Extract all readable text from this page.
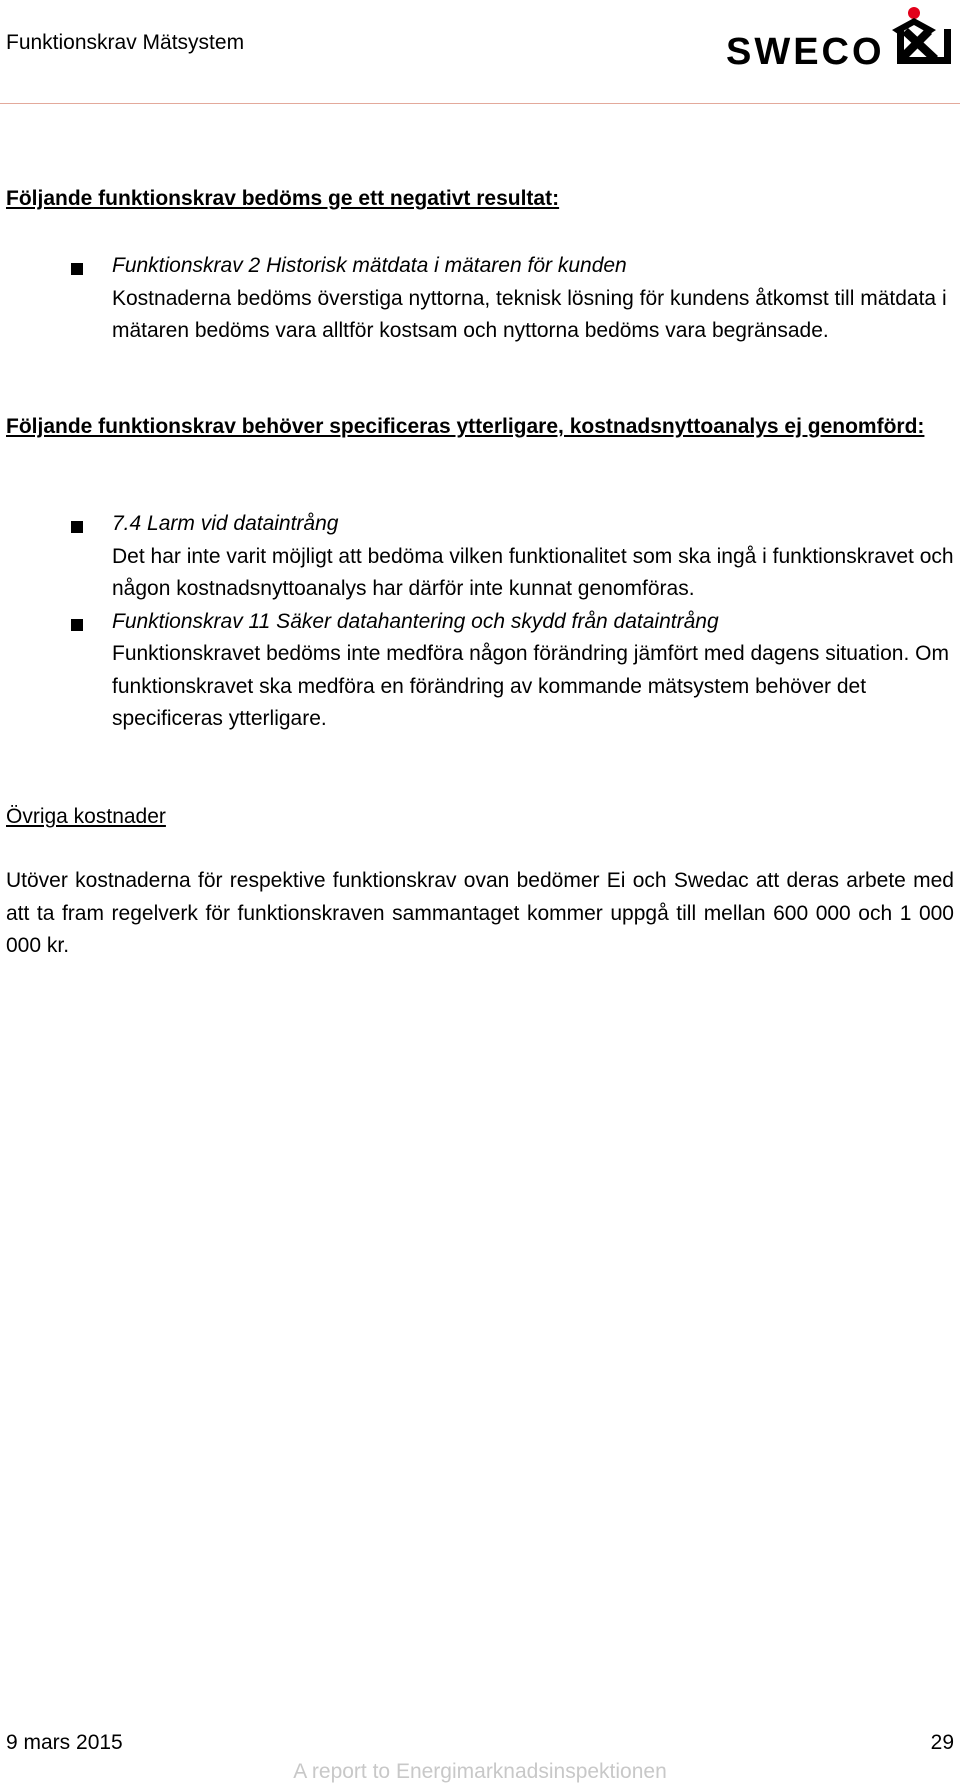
Funktionskrav Mätsystem	SWECO

Följande funktionskrav bedöms ge ett negativt resultat:

Funktionskrav 2 Historisk mätdata i mätaren för kunden
Kostnaderna bedöms överstiga nyttorna, teknisk lösning för kundens åtkomst till mätdata i mätaren bedöms vara alltför kostsam och nyttorna bedöms vara begränsade.

Följande funktionskrav behöver specificeras ytterligare, kostnadsnyttoanalys ej genomförd:

7.4 Larm vid dataintrång
Det har inte varit möjligt att bedöma vilken funktionalitet som ska ingå i funktionskravet och någon kostnadsnyttoanalys har därför inte kunnat genomföras.
Funktionskrav 11 Säker datahantering och skydd från dataintrång
Funktionskravet bedöms inte medföra någon förändring jämfört med dagens situation. Om funktionskravet ska medföra en förändring av kommande mätsystem behöver det specificeras ytterligare.

Övriga kostnader

Utöver kostnaderna för respektive funktionskrav ovan bedömer Ei och Swedac att deras arbete med att ta fram regelverk för funktionskraven sammantaget kommer uppgå till mellan 600 000 och 1 000 000 kr.

9 mars 2015	29
A report to Energimarknadsinspektionen
